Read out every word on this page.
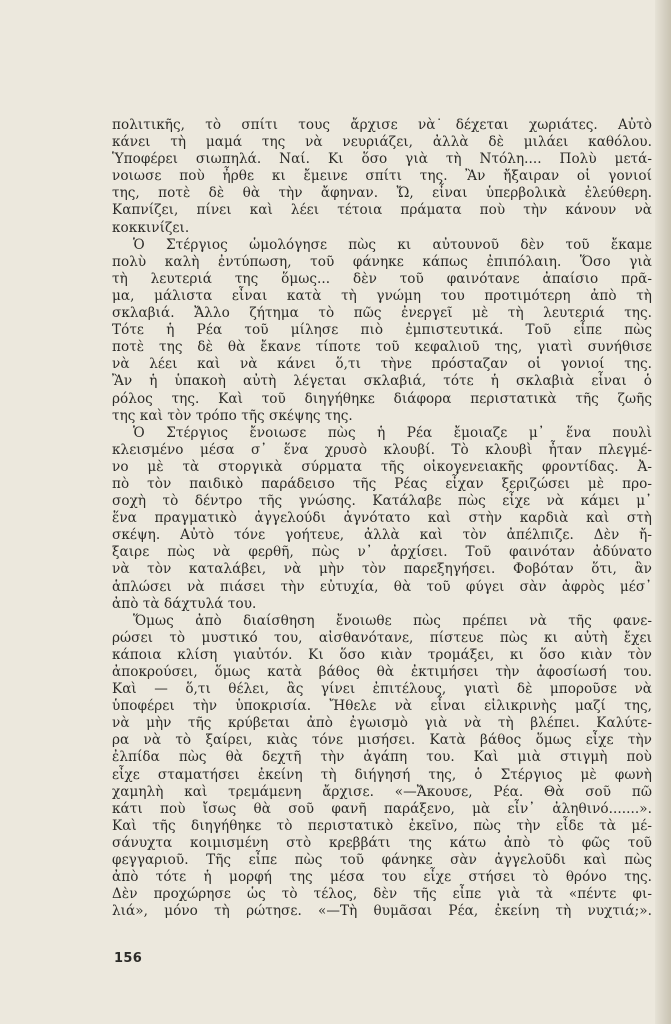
πολιτικῆς, τὸ σπίτι τους ἄρχισε νὰ ͘δέχεται χωριάτες. Αὐτὸ
κάνει τὴ μαμά της νὰ νευριάζει, ἀλλὰ δὲ μιλάει καθόλου.
Ὑποφέρει σιωπηλά. Ναί. Κι ὅσο γιὰ τὴ Ντόλη.... Πολὺ μετά-
νοιωσε ποὺ ἦρθε κι ἔμεινε σπίτι της. Ἂν ἤξαιραν οἱ γονιοί
της, ποτὲ δὲ θὰ τὴν ἄφηναν. Ὤ, εἶναι ὑπερβολικὰ ἐλεύθερη.
Καπνίζει, πίνει καὶ λέει τέτοια πράματα ποὺ τὴν κάνουν νὰ
κοκκινίζει.
Ὁ Στέργιος ὡμολόγησε πὼς κι αὐτουνοῦ δὲν τοῦ ἔκαμε
πολὺ καλὴ ἐντύπωση, τοῦ φάνηκε κάπως ἐπιπόλαιη. Ὅσο γιὰ
τὴ λευτεριά της ὅμως... δὲν τοῦ φαινότανε ἀπαίσιο πρᾶ-
μα, μάλιστα εἶναι κατὰ τὴ γνώμη του προτιμότερη ἀπὸ τὴ
σκλαβιά. Ἄλλο ζήτημα τὸ πῶς ἐνεργεῖ μὲ τὴ λευτεριά της.
Τότε ἡ Ρέα τοῦ μίλησε πιὸ ἐμπιστευτικά. Τοῦ εἶπε πὼς
ποτὲ της δὲ θὰ ἔκανε τίποτε τοῦ κεφαλιοῦ της, γιατὶ συνήθισε
νὰ λέει καὶ νὰ κάνει ὅ,τι τὴνε πρόσταζαν οἱ γονιοί της.
Ἂν ἡ ὑπακοὴ αὐτὴ λέγεται σκλαβιά, τότε ἡ σκλαβιὰ εἶναι ὁ
ρόλος της. Καὶ τοῦ διηγήθηκε διάφορα περιστατικὰ τῆς ζωῆς
της καὶ τὸν τρόπο τῆς σκέψης της.
Ὁ Στέργιος ἔνοιωσε πὼς ἡ Ρέα ἔμοιαζε μ᾿ ἕνα πουλὶ
κλεισμένο μέσα σ᾿ ἕνα χρυσὸ κλουβί. Τὸ κλουβὶ ἦταν πλεγμέ-
νο μὲ τὰ στοργικὰ σύρματα τῆς οἰκογενειακῆς φροντίδας. Ἀ-
πὸ τὸν παιδικὸ παράδεισο τῆς Ρέας εἶχαν ξεριζώσει μὲ προ-
σοχὴ τὸ δέντρο τῆς γνώσης. Κατάλαβε πὼς εἶχε νὰ κάμει μ᾿
ἕνα πραγματικὸ ἀγγελούδι ἀγνότατο καὶ στὴν καρδιὰ καὶ στὴ
σκέψη. Αὐτὸ τόνε γοήτευε, ἀλλὰ καὶ τὸν ἀπέλπιζε. Δὲν ἤ-
ξαιρε πὼς νὰ φερθῆ, πὼς ν᾿ ἀρχίσει. Τοῦ φαινόταν ἀδύνατο
νὰ τὸν καταλάβει, νὰ μὴν τὸν παρεξηγήσει. Φοβόταν ὅτι, ἂν
ἁπλώσει νὰ πιάσει τὴν εὐτυχία, θὰ τοῦ φύγει σὰν ἀφρὸς μέσ᾿
ἀπὸ τὰ δάχτυλά του.
Ὅμως ἀπὸ διαίσθηση ἔνοιωθε πὼς πρέπει νὰ τῆς φανε-
ρώσει τὸ μυστικό του, αἰσθανότανε, πίστευε πὼς κι αὐτὴ ἔχει
κάποια κλίση γιαὐτόν. Κι ὅσο κιὰν τρομάξει, κι ὅσο κιὰν τὸν
ἀποκρούσει, ὅμως κατὰ βάθος θὰ ἐκτιμήσει τὴν ἀφοσίωσή του.
Καὶ — ὅ,τι θέλει, ἂς γίνει ἐπιτέλους, γιατὶ δὲ μποροῦσε νὰ
ὑποφέρει τὴν ὑποκρισία. Ἤθελε νὰ εἶναι εἰλικρινὴς μαζί της,
νὰ μὴν τῆς κρύβεται ἀπὸ ἐγωισμὸ γιὰ νὰ τὴ βλέπει. Καλύτε-
ρα νὰ τὸ ξαίρει, κιὰς τόνε μισήσει. Κατὰ βάθος ὅμως εἶχε τὴν
ἐλπίδα πὼς θὰ δεχτῆ τὴν ἀγάπη του. Καὶ μιὰ στιγμὴ ποὺ
εἶχε σταματήσει ἐκείνη τὴ διήγησή της, ὁ Στέργιος μὲ φωνὴ
χαμηλὴ καὶ τρεμάμενη ἄρχισε. «—Ἄκουσε, Ρέα. Θὰ σοῦ πῶ
κάτι ποὺ ἴσως θὰ σοῦ φανῆ παράξενο, μὰ εἶν᾿ ἀληθινό.......».
Καὶ τῆς διηγήθηκε τὸ περιστατικὸ ἐκεῖνο, πὼς τὴν εἶδε τὰ μέ-
σάνυχτα κοιμισμένη στὸ κρεββάτι της κάτω ἀπὸ τὸ φῶς τοῦ
φεγγαριοῦ. Τῆς εἶπε πὼς τοῦ φάνηκε σὰν ἀγγελοῦδι καὶ πὼς
ἀπὸ τότε ἡ μορφή της μέσα του εἶχε στήσει τὸ θρόνο της.
Δὲν προχώρησε ὡς τὸ τέλος, δὲν τῆς εἶπε γιὰ τὰ «πέντε φι-
λιά», μόνο τὴ ρώτησε. «—Τὴ θυμᾶσαι Ρέα, ἐκείνη τὴ νυχτιά;».
156
